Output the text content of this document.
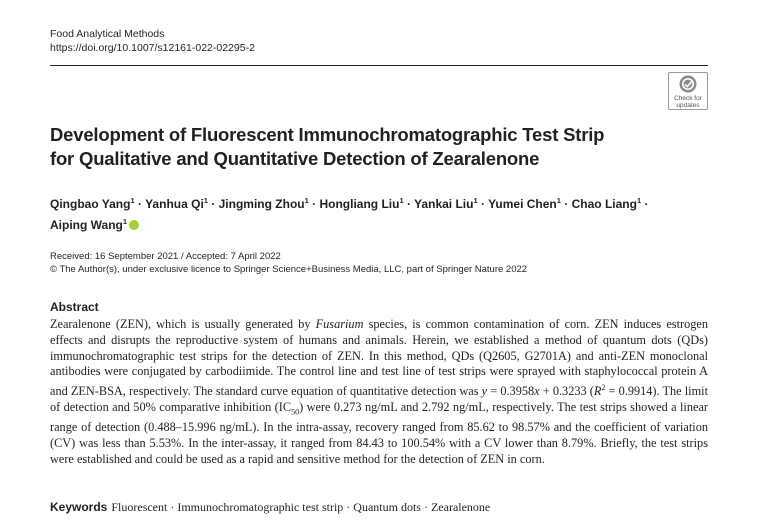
Food Analytical Methods
https://doi.org/10.1007/s12161-022-02295-2
Check for
updates
Development of Fluorescent Immunochromatographic Test Strip
for Qualitative and Quantitative Detection of Zearalenone
Qingbao Yang$^1$ · Yanhua $Qi^1$ · Jingming Zhou$^1$ · Hongliang Liu$^1$ · Yankai Liu$^1$ · Yumei Chen$^1$ · Chao Liang$^1$ ·
Aiping Wang$^1$
Received: 16 September 2021 / Accepted: 7 April 2022
© The Author(s), under exclusive licence to Springer Science+Business Media, LLC, part of Springer Nature 2022
Abstract

Zearalenone (ZEN), which is usually generated by Fusarium species, is common contamination of corn. ZEN induces estrogen effects and disrupts the reproductive system of humans and animals. Herein, we established a method of quantum dots (QDs) immunochromatographic test strips for the detection of ZEN. In this method, QDs (Q2605, G2701A) and anti-ZEN monoclonal antibodies were conjugated by carbodiimide. The control line and test line of test strips were sprayed with staphylococcal protein A and ZEN-BSA, respectively. The standard curve equation of quantitative detection was y = 0.3958x + 0.3233 $(R^2 = 0.9914)$. The limit of detection and 50% comparative inhibition $(IC_{50})$ were 0.273 ng/mL and 2.792 ng/mL, respectively. The test strips showed a linear range of detection (0.488–15.996 ng/mL). In the intra-assay, recovery ranged from 85.62 to 98.57% and the coefficient of variation (CV) was less than 5.53%. In the inter-assay, it ranged from 84.43 to 100.54% with a CV lower than 8.79%. Briefly, the test strips were established and could be used as a rapid and sensitive method for the detection of ZEN in corn.

Keywords Fluorescent · Immunochromatographic test strip · Quantum dots · Zearalenone
